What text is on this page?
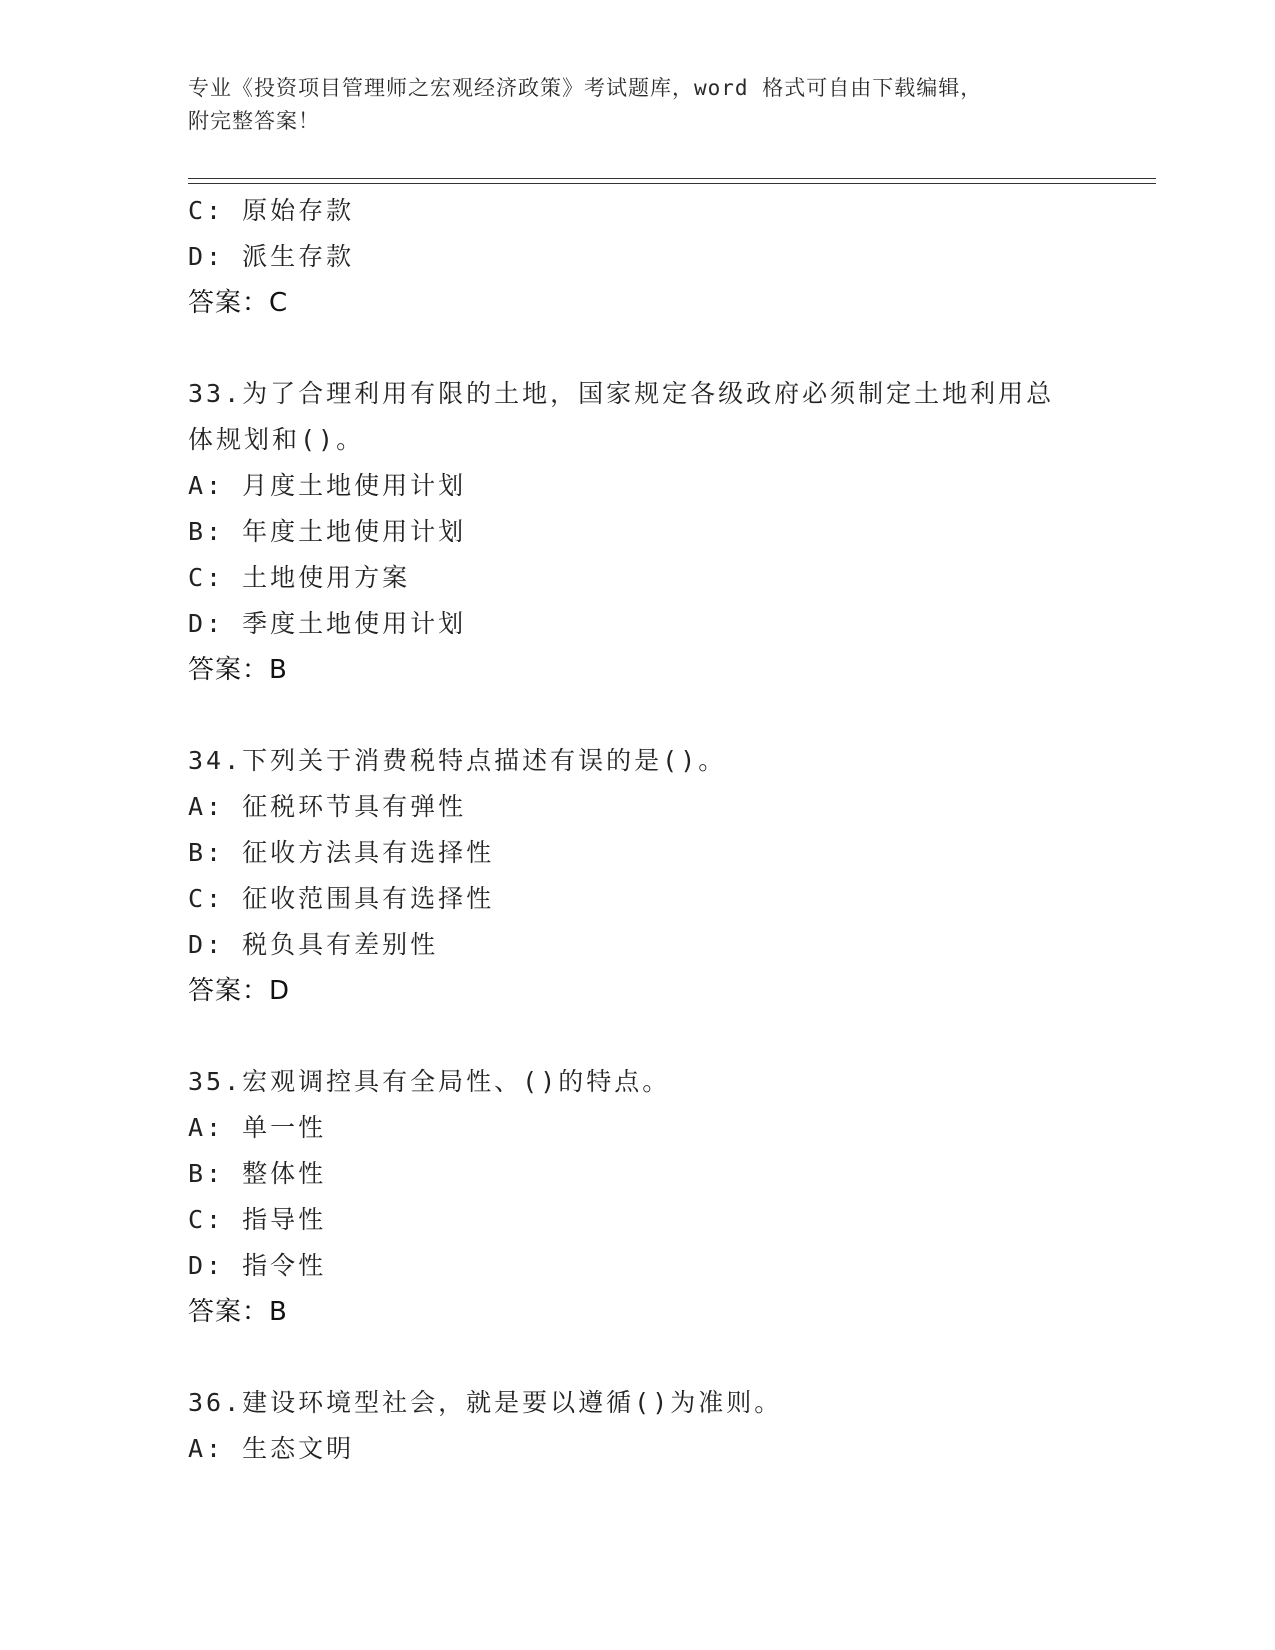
专业《投资项目管理师之宏观经济政策》考试题库，word 格式可自由下载编辑，
附完整答案！
C: 原始存款
D: 派生存款
答案：C
33.为了合理利用有限的土地，国家规定各级政府必须制定土地利用总
体规划和()。
A: 月度土地使用计划
B: 年度土地使用计划
C: 土地使用方案
D: 季度土地使用计划
答案：B
34.下列关于消费税特点描述有误的是()。
A: 征税环节具有弹性
B: 征收方法具有选择性
C: 征收范围具有选择性
D: 税负具有差别性
答案：D
35.宏观调控具有全局性、()的特点。
A: 单一性
B: 整体性
C: 指导性
D: 指令性
答案：B
36.建设环境型社会，就是要以遵循()为准则。
A: 生态文明
